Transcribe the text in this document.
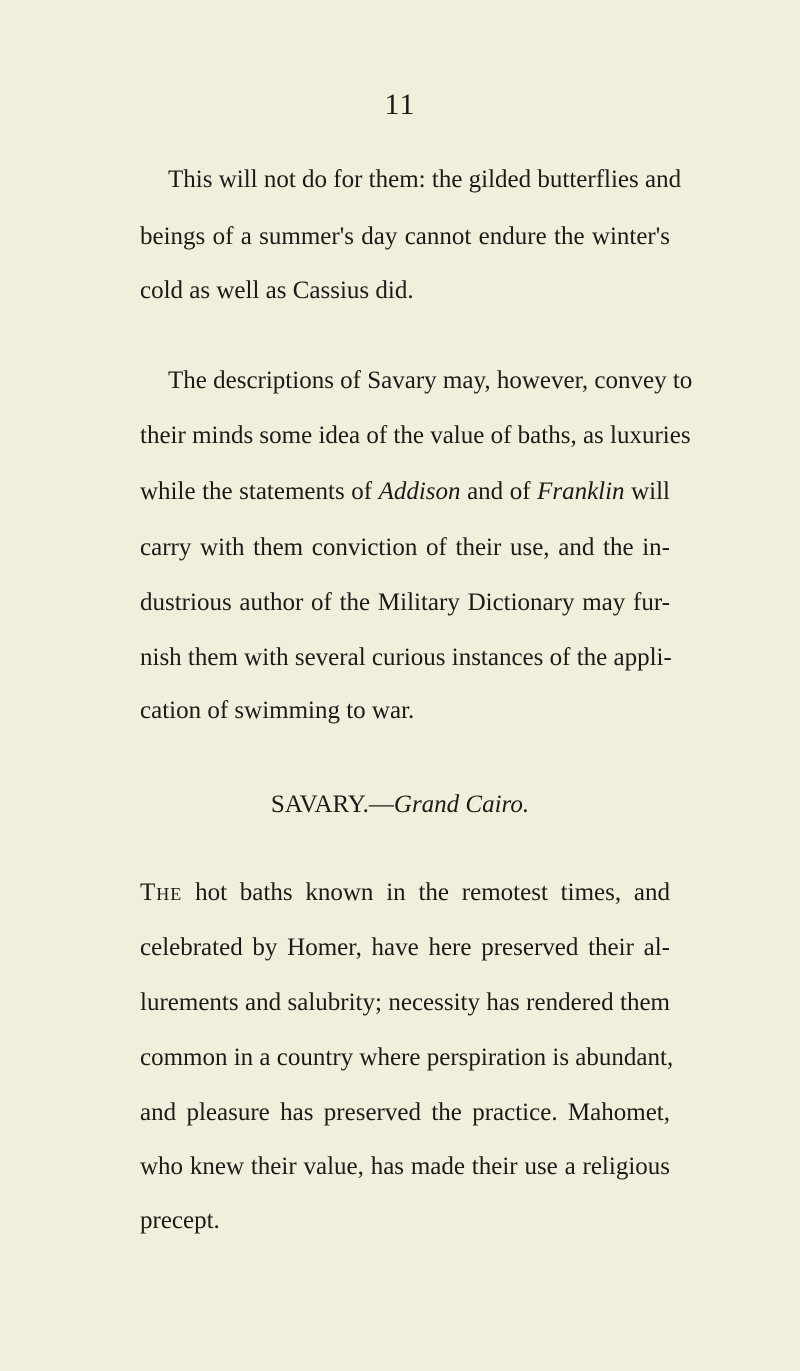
11
This will not do for them: the gilded butterflies and
beings of a summer's day cannot endure the winter's
cold as well as Cassius did.
The descriptions of Savary may, however, convey to
their minds some idea of the value of baths, as luxuries
while the statements of Addison and of Franklin will
carry with them conviction of their use, and the in-
dustrious author of the Military Dictionary may fur-
nish them with several curious instances of the appli-
cation of swimming to war.
SAVARY.—Grand Cairo.
The hot baths known in the remotest times, and
celebrated by Homer, have here preserved their al-
lurements and salubrity; necessity has rendered them
common in a country where perspiration is abundant,
and pleasure has preserved the practice. Mahomet,
who knew their value, has made their use a religious
precept.
